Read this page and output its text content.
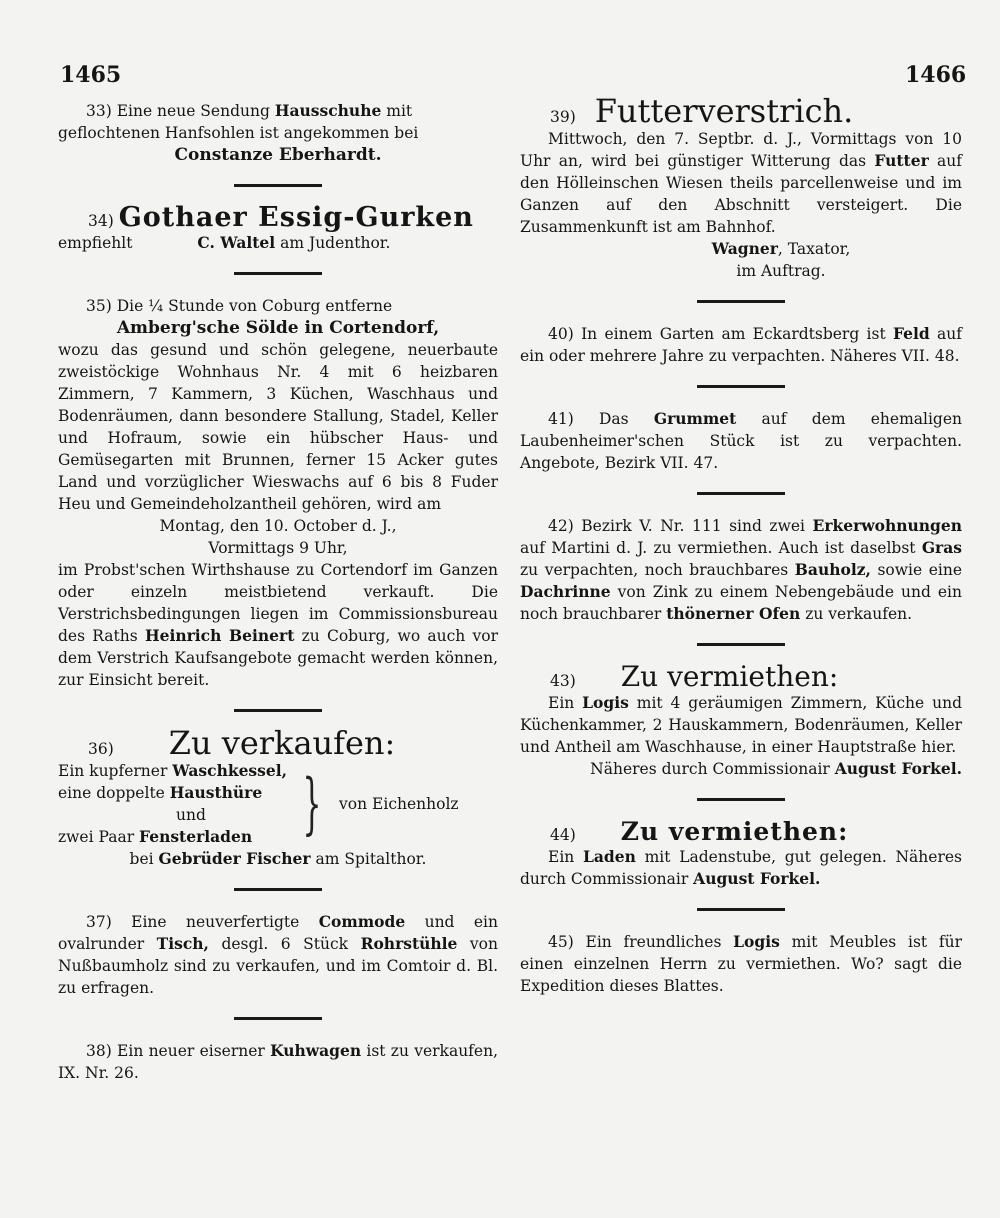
1465	1466
33) Eine neue Sendung Hausschuhe mit
geflochtenen Hanfsohlen ist angekommen bei
Constanze Eberhardt.
34) Gothaer Essig-Gurken
empfiehlt	C. Waltel am Judenthor.
35) Die ¼ Stunde von Coburg entferne
Amberg'sche Sölde in Cortendorf,
wozu das gesund und schön gelegene, neuerbaute zweistöckige Wohnhaus Nr. 4 mit 6 heizbaren Zimmern, 7 Kammern, 3 Küchen, Waschhaus und Bodenräumen, dann besondere Stallung, Stadel, Keller und Hofraum, sowie ein hübscher Haus- und Gemüsegarten mit Brunnen, ferner 15 Acker gutes Land und vorzüglicher Wieswachs auf 6 bis 8 Fuder Heu und Gemeindeholzantheil gehören, wird am
Montag, den 10. October d. J.,
Vormittags 9 Uhr,
im Probst'schen Wirthshause zu Cortendorf im Ganzen oder einzeln meistbietend verkauft. Die Verstrichsbedingungen liegen im Commissionsbureau des Raths Heinrich Beinert zu Coburg, wo auch vor dem Verstrich Kaufsangebote gemacht werden können, zur Einsicht bereit.
36) Zu verkaufen:
Ein kupferner Waschkessel,
eine doppelte Hausthüre
und
zwei Paar Fensterladen } von Eichenholz
bei Gebrüder Fischer am Spitalthor.
37) Eine neuverfertigte Commode und ein ovalrunder Tisch, desgl. 6 Stück Rohrstühle von Nußbaumholz sind zu verkaufen, und im Comtoir d. Bl. zu erfragen.
38) Ein neuer eiserner Kuhwagen ist zu verkaufen, IX. Nr. 26.
39) Futterverstrich.
Mittwoch, den 7. Septbr. d. J., Vormittags von 10 Uhr an, wird bei günstiger Witterung das Futter auf den Hölleinschen Wiesen theils parcellenweise und im Ganzen auf den Abschnitt versteigert. Die Zusammenkunft ist am Bahnhof.
Wagner, Taxator,
im Auftrag.
40) In einem Garten am Eckardtsberg ist Feld auf ein oder mehrere Jahre zu verpachten. Näheres VII. 48.
41) Das Grummet auf dem ehemaligen Laubenheimer'schen Stück ist zu verpachten. Angebote, Bezirk VII. 47.
42) Bezirk V. Nr. 111 sind zwei Erkerwohnungen auf Martini d. J. zu vermiethen. Auch ist daselbst Gras zu verpachten, noch brauchbares Bauholz, sowie eine Dachrinne von Zink zu einem Nebengebäude und ein noch brauchbarer thönerner Ofen zu verkaufen.
43) Zu vermiethen:
Ein Logis mit 4 geräumigen Zimmern, Küche und Küchenkammer, 2 Hauskammern, Bodenräumen, Keller und Antheil am Waschhause, in einer Hauptstraße hier.
Näheres durch Commissionair August Forkel.
44) Zu vermiethen:
Ein Laden mit Ladenstube, gut gelegen. Näheres durch Commissionair August Forkel.
45) Ein freundliches Logis mit Meubles ist für einen einzelnen Herrn zu vermiethen. Wo? sagt die Expedition dieses Blattes.
